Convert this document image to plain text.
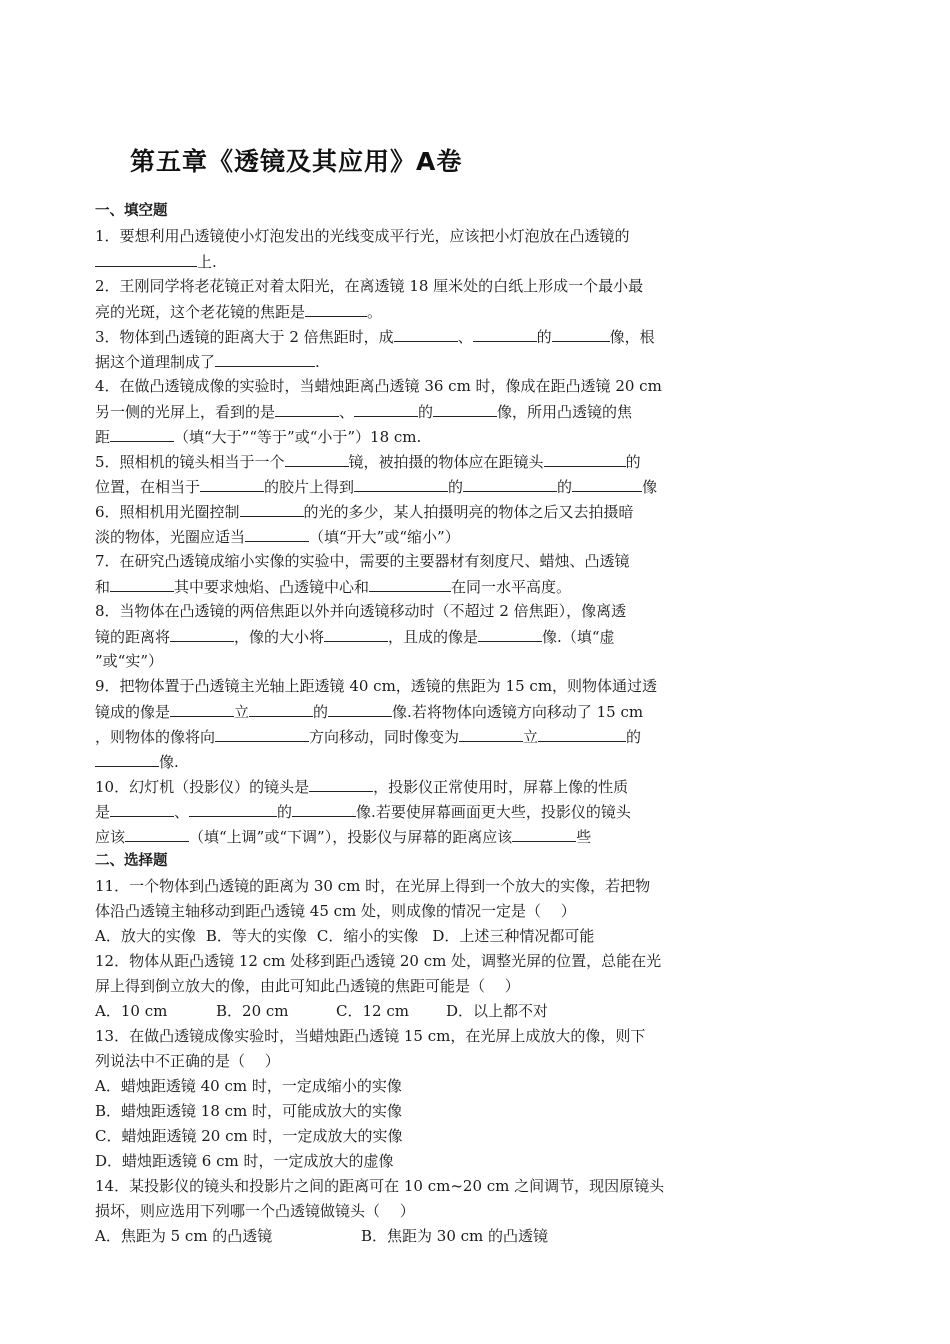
第五章《透镜及其应用》A卷
一、填空题
1．要想利用凸透镜使小灯泡发出的光线变成平行光，应该把小灯泡放在凸透镜的
上.
2．王刚同学将老花镜正对着太阳光，在离透镜 18 厘米处的白纸上形成一个最小最
亮的光斑，这个老花镜的焦距是	。
3．物体到凸透镜的距离大于 2 倍焦距时，成	、	的	像，根
据这个道理制成了	.
4．在做凸透镜成像的实验时，当蜡烛距离凸透镜 36 cm 时，像成在距凸透镜 20 cm
另一侧的光屏上，看到的是	、	的	像，所用凸透镜的焦
距	（填“大于”“等于”或“小于”）18 cm.
5．照相机的镜头相当于一个	镜，被拍摄的物体应在距镜头	的
位置，在相当于	的胶片上得到	的	的	像
6．照相机用光圈控制	的光的多少，某人拍摄明亮的物体之后又去拍摄暗
淡的物体，光圈应适当	（填“开大”或“缩小”）
7．在研究凸透镜成缩小实像的实验中，需要的主要器材有刻度尺、蜡烛、凸透镜
和	其中要求烛焰、凸透镜中心和	在同一水平高度。
8．当物体在凸透镜的两倍焦距以外并向透镜移动时（不超过 2 倍焦距），像离透
镜的距离将	，像的大小将	，且成的像是	像.（填“虚
”或“实”）
9．把物体置于凸透镜主光轴上距透镜 40 cm，透镜的焦距为 15 cm，则物体通过透
镜成的像是	立	的	像.若将物体向透镜方向移动了 15 cm
，则物体的像将向	方向移动，同时像变为	立	的
像.
10．幻灯机（投影仪）的镜头是	，投影仪正常使用时，屏幕上像的性质
是	、	的	像.若要使屏幕画面更大些，投影仪的镜头
应该	（填“上调”或“下调”），投影仪与屏幕的距离应该	些
二、选择题
11．一个物体到凸透镜的距离为 30 cm 时，在光屏上得到一个放大的实像，若把物
体沿凸透镜主轴移动到距凸透镜 45 cm 处，则成像的情况一定是（　 ）
A．放大的实像 B．等大的实像 C．缩小的实像 D．上述三种情况都可能
12．物体从距凸透镜 12 cm 处移到距凸透镜 20 cm 处，调整光屏的位置，总能在光
屏上得到倒立放大的像，由此可知此凸透镜的焦距可能是（　 ）
A．10 cm	B．20 cm	C．12 cm D．以上都不对
13．在做凸透镜成像实验时，当蜡烛距凸透镜 15 cm，在光屏上成放大的像，则下
列说法中不正确的是（　 ）
A．蜡烛距透镜 40 cm 时，一定成缩小的实像
B．蜡烛距透镜 18 cm 时，可能成放大的实像
C．蜡烛距透镜 20 cm 时，一定成放大的实像
D．蜡烛距透镜 6 cm 时，一定成放大的虚像
14．某投影仪的镜头和投影片之间的距离可在 10 cm~20 cm 之间调节，现因原镜头
损坏，则应选用下列哪一个凸透镜做镜头（　 ）
A．焦距为 5 cm 的凸透镜	B．焦距为 30 cm 的凸透镜
